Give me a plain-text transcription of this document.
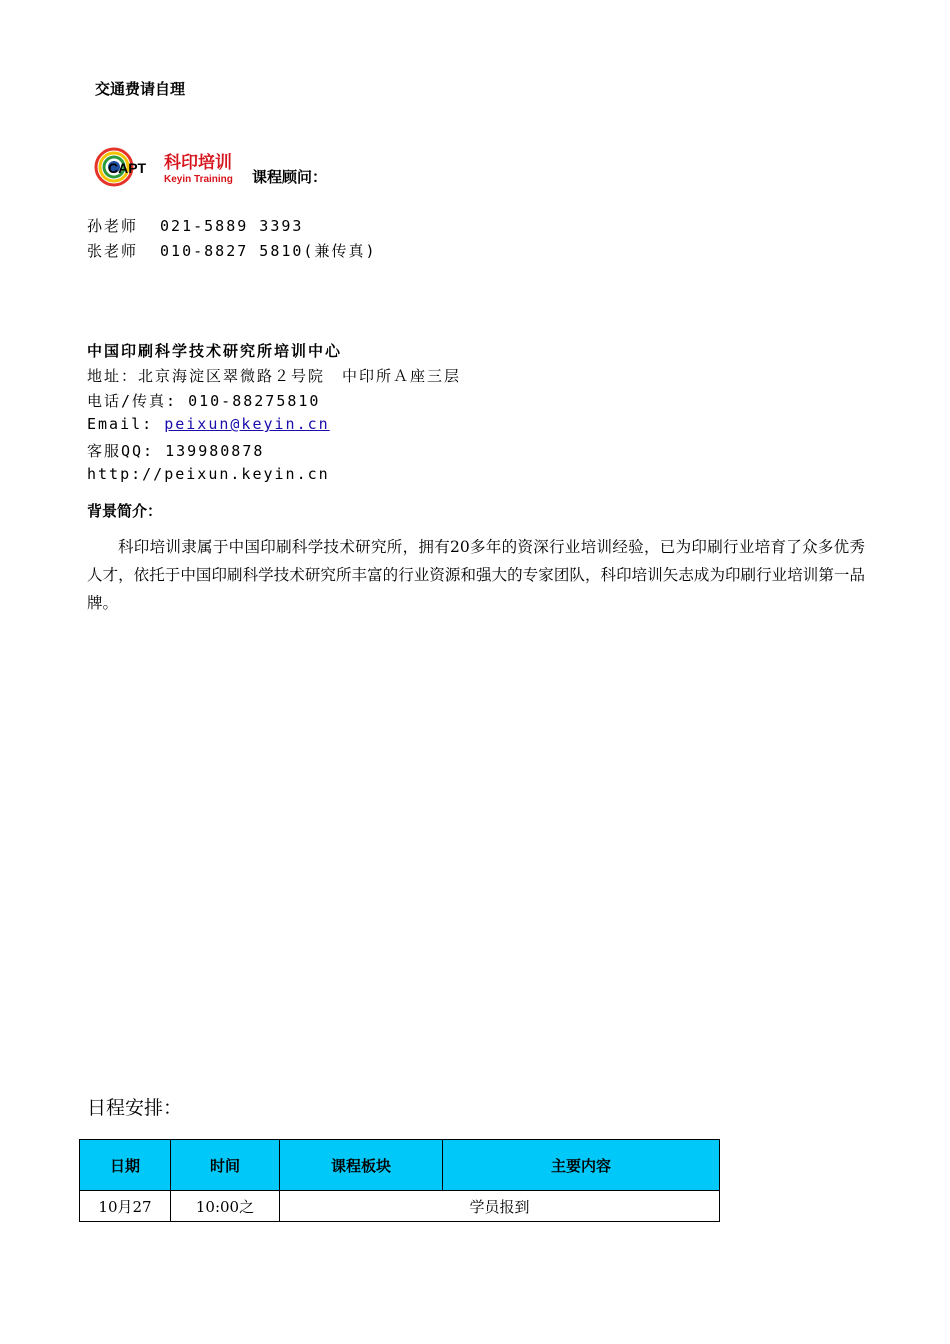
交通费请自理
CAPT 科印培训
Keyin Training 课程顾问：
孙老师 021-5889 3393
张老师 010-8827 5810(兼传真)
中国印刷科学技术研究所培训中心
地址：北京海淀区翠微路２号院　中印所Ａ座三层
电话/传真: 010-88275810
Email: peixun@keyin.cn
客服QQ: 139980878
http://peixun.keyin.cn
背景简介：
科印培训隶属于中国印刷科学技术研究所，拥有20多年的资深行业培训经验，已为印刷行业培育了众多优秀人才，依托于中国印刷科学技术研究所丰富的行业资源和强大的专家团队，科印培训矢志成为印刷行业培训第一品牌。
日程安排：
日期	时间	课程板块	主要内容
10月27	10:00之	学员报到	
